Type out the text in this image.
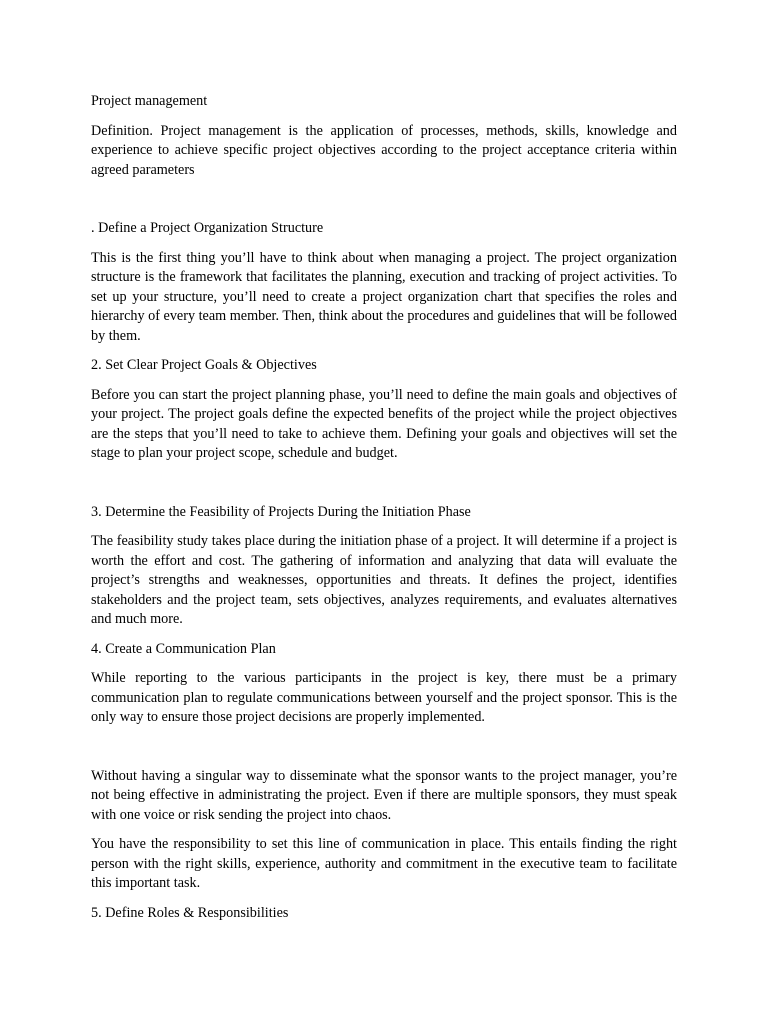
Project management

Definition. Project management is the application of processes, methods, skills, knowledge and experience to achieve specific project objectives according to the project acceptance criteria within agreed parameters

. Define a Project Organization Structure

This is the first thing you’ll have to think about when managing a project. The project organization structure is the framework that facilitates the planning, execution and tracking of project activities. To set up your structure, you’ll need to create a project organization chart that specifies the roles and hierarchy of every team member. Then, think about the procedures and guidelines that will be followed by them.

2. Set Clear Project Goals & Objectives

Before you can start the project planning phase, you’ll need to define the main goals and objectives of your project. The project goals define the expected benefits of the project while the project objectives are the steps that you’ll need to take to achieve them. Defining your goals and objectives will set the stage to plan your project scope, schedule and budget.

3. Determine the Feasibility of Projects During the Initiation Phase

The feasibility study takes place during the initiation phase of a project. It will determine if a project is worth the effort and cost. The gathering of information and analyzing that data will evaluate the project’s strengths and weaknesses, opportunities and threats. It defines the project, identifies stakeholders and the project team, sets objectives, analyzes requirements, and evaluates alternatives and much more.

4. Create a Communication Plan

While reporting to the various participants in the project is key, there must be a primary communication plan to regulate communications between yourself and the project sponsor. This is the only way to ensure those project decisions are properly implemented.

Without having a singular way to disseminate what the sponsor wants to the project manager, you’re not being effective in administrating the project. Even if there are multiple sponsors, they must speak with one voice or risk sending the project into chaos.

You have the responsibility to set this line of communication in place. This entails finding the right person with the right skills, experience, authority and commitment in the executive team to facilitate this important task.

5. Define Roles & Responsibilities
